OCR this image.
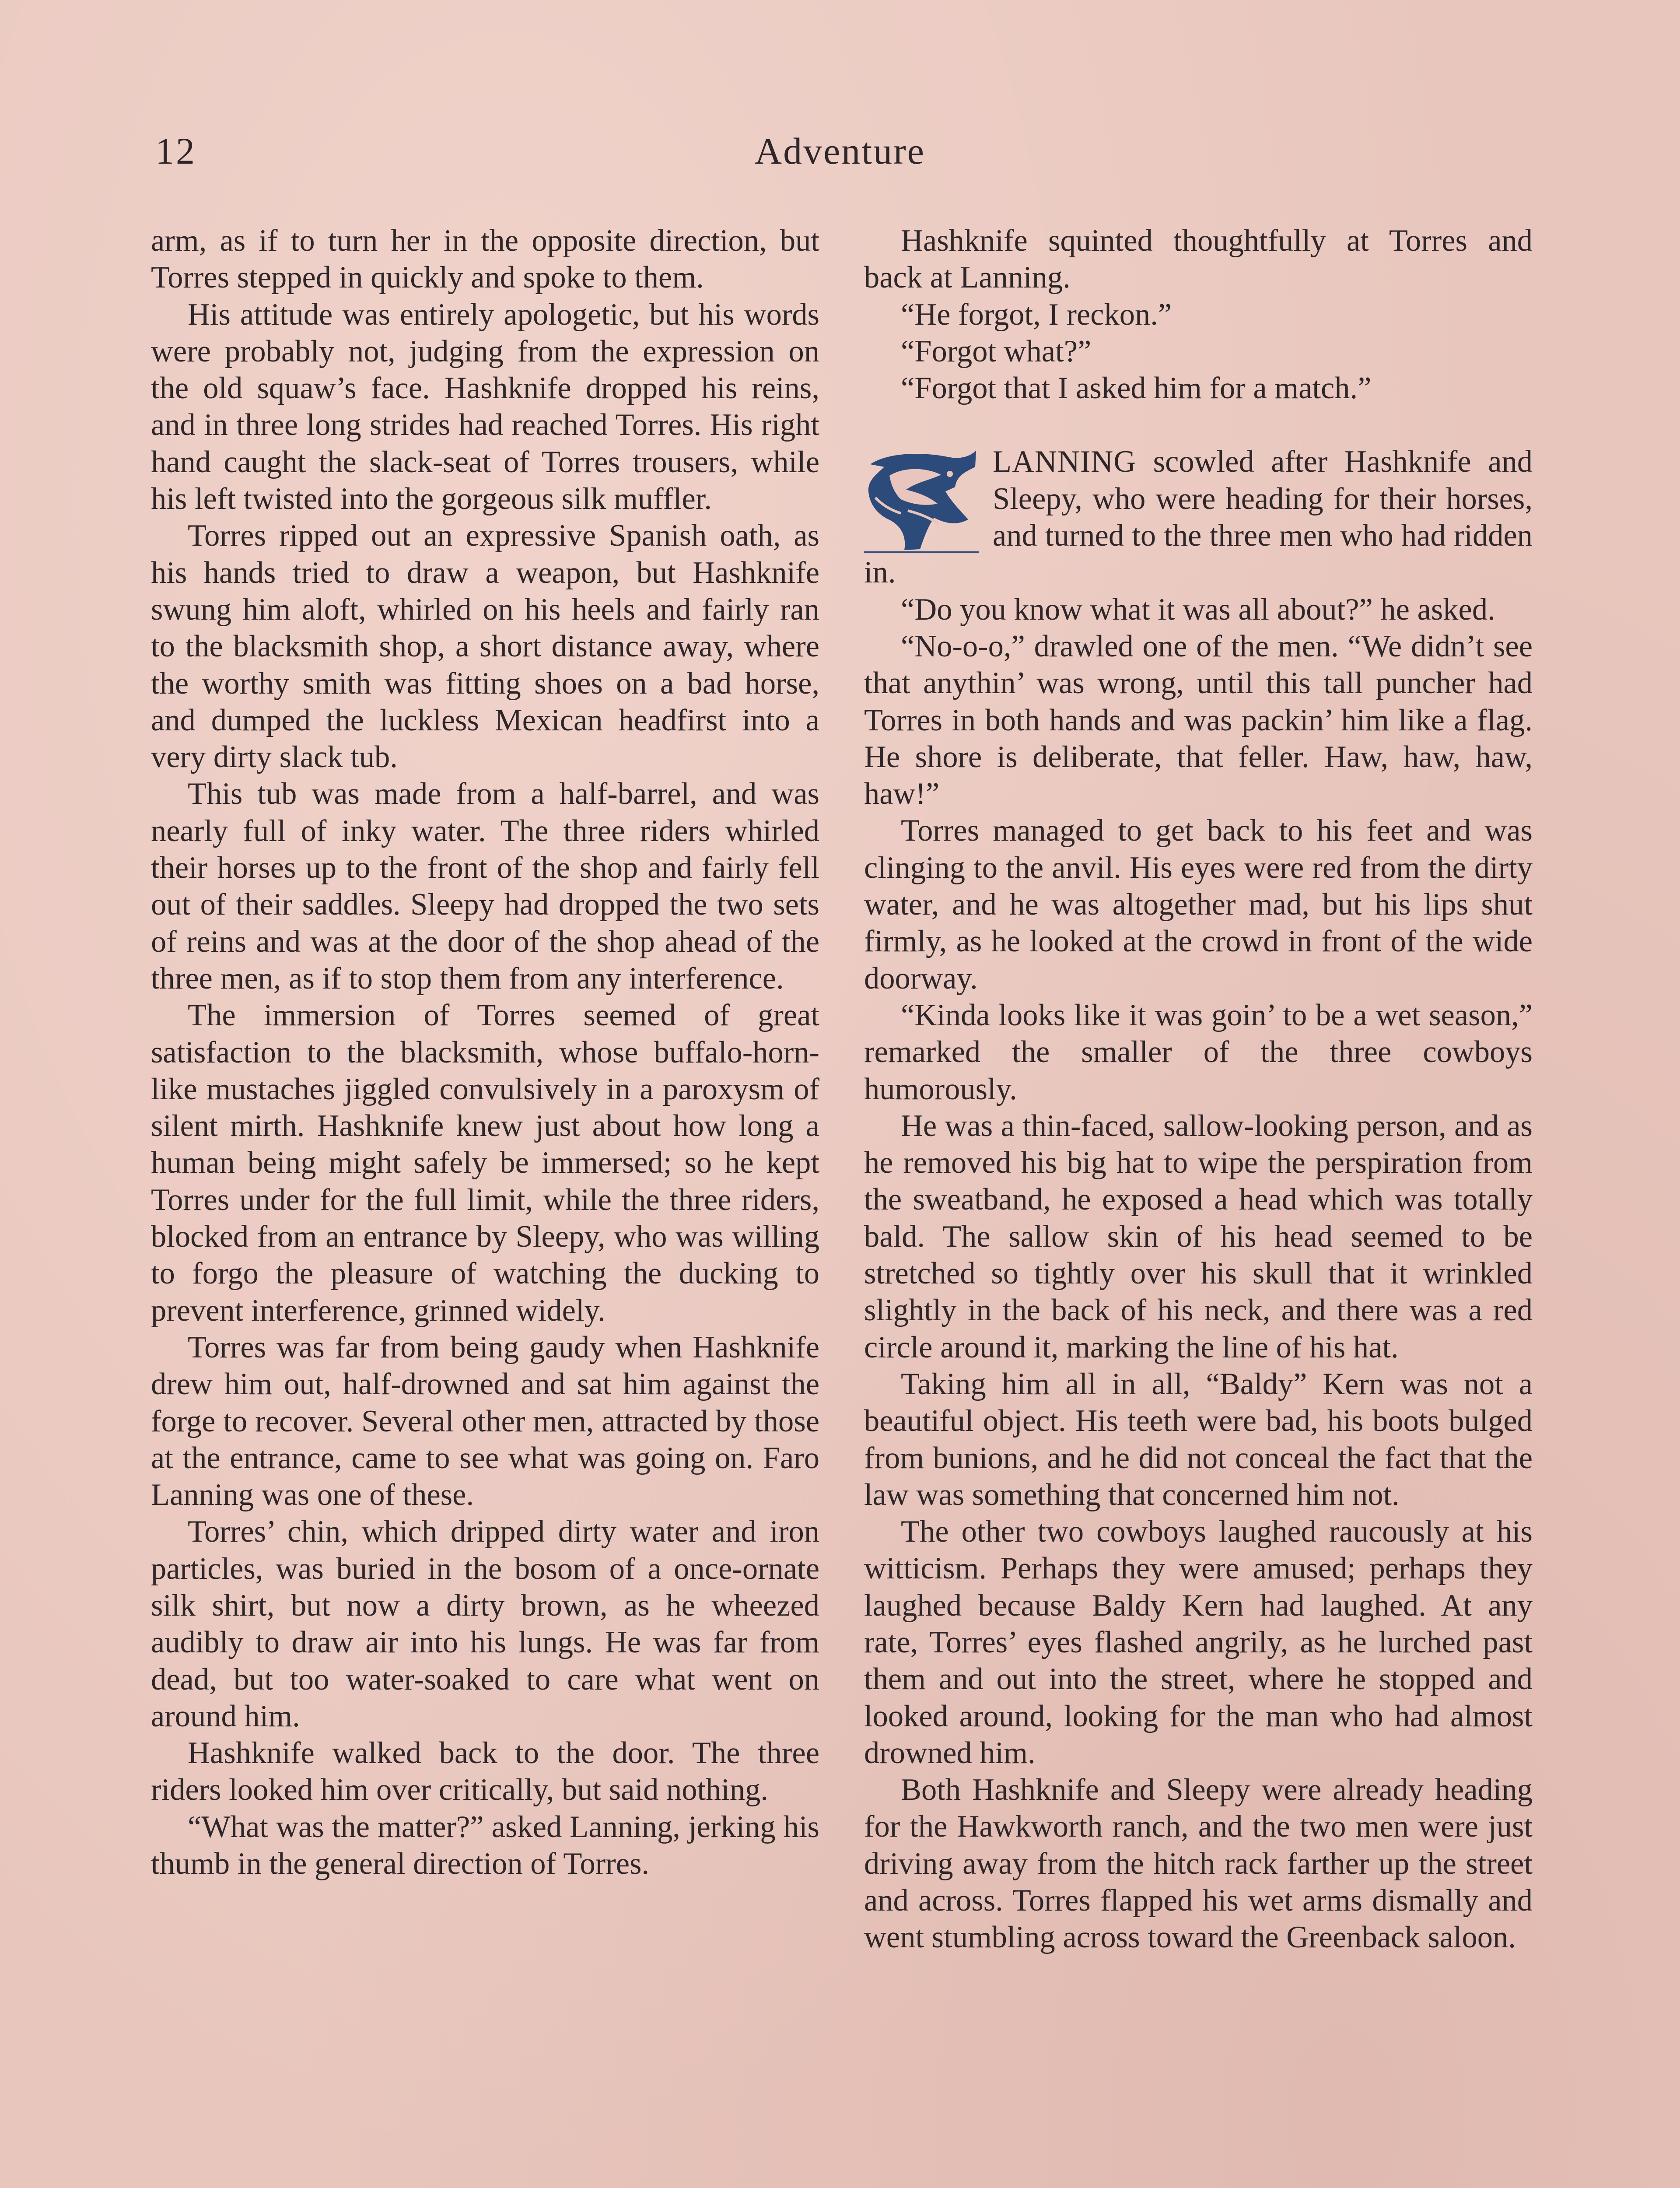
12	Adventure

arm, as if to turn her in the opposite direction, but Torres stepped in quickly and spoke to them.

His attitude was entirely apologetic, but his words were probably not, judging from the expression on the old squaw’s face. Hashknife dropped his reins, and in three long strides had reached Torres. His right hand caught the slack-seat of Torres trousers, while his left twisted into the gorgeous silk muffler.

Torres ripped out an expressive Spanish oath, as his hands tried to draw a weapon, but Hashknife swung him aloft, whirled on his heels and fairly ran to the blacksmith shop, a short distance away, where the worthy smith was fitting shoes on a bad horse, and dumped the luckless Mexican headfirst into a very dirty slack tub.

This tub was made from a half-barrel, and was nearly full of inky water. The three riders whirled their horses up to the front of the shop and fairly fell out of their saddles. Sleepy had dropped the two sets of reins and was at the door of the shop ahead of the three men, as if to stop them from any interference.

The immersion of Torres seemed of great satisfaction to the blacksmith, whose buffalo-horn-like mustaches jiggled convulsively in a paroxysm of silent mirth. Hashknife knew just about how long a human being might safely be immersed; so he kept Torres under for the full limit, while the three riders, blocked from an entrance by Sleepy, who was willing to forgo the pleasure of watching the ducking to prevent interference, grinned widely.

Torres was far from being gaudy when Hashknife drew him out, half-drowned and sat him against the forge to recover. Several other men, attracted by those at the entrance, came to see what was going on. Faro Lanning was one of these.

Torres’ chin, which dripped dirty water and iron particles, was buried in the bosom of a once-ornate silk shirt, but now a dirty brown, as he wheezed audibly to draw air into his lungs. He was far from dead, but too water-soaked to care what went on around him.

Hashknife walked back to the door. The three riders looked him over critically, but said nothing.

“What was the matter?” asked Lanning, jerking his thumb in the general direction of Torres.

Hashknife squinted thoughtfully at Torres and back at Lanning.

“He forgot, I reckon.”

“Forgot what?”

“Forgot that I asked him for a match.”

LANNING scowled after Hashknife and Sleepy, who were heading for their horses, and turned to the three men who had ridden in.

“Do you know what it was all about?” he asked.

“No-o-o,” drawled one of the men. “We didn’t see that anythin’ was wrong, until this tall puncher had Torres in both hands and was packin’ him like a flag. He shore is deliberate, that feller. Haw, haw, haw, haw!”

Torres managed to get back to his feet and was clinging to the anvil. His eyes were red from the dirty water, and he was altogether mad, but his lips shut firmly, as he looked at the crowd in front of the wide doorway.

“Kinda looks like it was goin’ to be a wet season,” remarked the smaller of the three cowboys humorously.

He was a thin-faced, sallow-looking person, and as he removed his big hat to wipe the perspiration from the sweatband, he exposed a head which was totally bald. The sallow skin of his head seemed to be stretched so tightly over his skull that it wrinkled slightly in the back of his neck, and there was a red circle around it, marking the line of his hat.

Taking him all in all, “Baldy” Kern was not a beautiful object. His teeth were bad, his boots bulged from bunions, and he did not conceal the fact that the law was something that concerned him not.

The other two cowboys laughed raucously at his witticism. Perhaps they were amused; perhaps they laughed because Baldy Kern had laughed. At any rate, Torres’ eyes flashed angrily, as he lurched past them and out into the street, where he stopped and looked around, looking for the man who had almost drowned him.

Both Hashknife and Sleepy were already heading for the Hawkworth ranch, and the two men were just driving away from the hitch rack farther up the street and across. Torres flapped his wet arms dismally and went stumbling across toward the Greenback saloon.
